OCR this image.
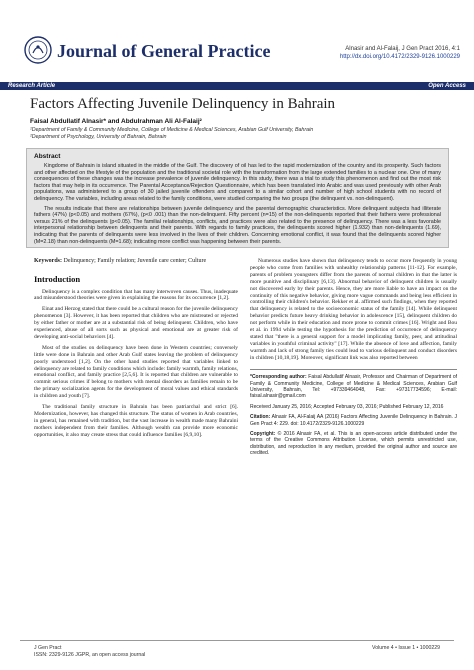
Journal of General Practice	Alnasir and Al-Falaij, J Gen Pract 2016, 4:1
http://dx.doi.org/10.4172/2329-9126.1000229
Research Article	Open Access
Factors Affecting Juvenile Delinquency in Bahrain
Faisal Abdullatif Alnasir* and Abdulrahman Ali Al-Falaij²
¹Department of Family & Community Medicine, College of Medicine & Medical Sciences, Arabian Gulf University, Bahrain
²Department of Psychology, University of Bahrain, Bahrain
Abstract

Kingdome of Bahrain is island situated in the middle of the Gulf. The discovery of oil has led to the rapid modernization of the country and its prosperity. Such factors and other affected on the lifestyle of the population and the traditional societal role with the transformation from the large extended families to a nuclear one. One of many consequences of these changes was the increase prevalence of juvenile delinquency. In this study, there was a trial to study this phenomenon and find out the most risk factors that may help in its occurrence. The Parental Acceptance/Rejection Questionnaire, which has been translated into Arabic and was used previously with other Arab populations, was administered to a group of 30 jailed juvenile offenders and compared to a similar cohort and number of high school students with no record of delinquency. The variables, including areas related to the family conditions, were studied comparing the two groups (the delinquent vs. non-delinquent).

The results indicate that there are relationships between juvenile delinquency and the parental demographic characteristics. More delinquent subjects had illiterate fathers (47%) (p<0.05) and mothers (67%), (p<0 .001) than the non-delinquent. Fifty percent (n=15) of the non-delinquents reported that their fathers were professional versus 21% of the delinquents (p<0.05). The familial relationships, conflicts, and practices were also related to the presence of delinquency. There was a less favorable interpersonal relationship between delinquents and their parents. With regards to family practices, the delinquents scored higher (1.932) than non-delinquents (1.69), indicating that the parents of delinquents were less involved in the lives of their children. Concerning emotional conflict, it was found that the delinquents scored higher (M=2.18) than non-delinquents (M=1.68); indicating more conflict was happening between their parents.

Keywords: Delinquency; Family relation; Juvenile care center; Culture
Introduction

Delinquency is a complex condition that has many interwoven causes. Thus, inadequate and misunderstood theories were given in explaining the reasons for its occurrence [1,2].

Einat and Herzog stated that there could be a cultural reason for the juvenile delinquency phenomenon [3]. However, it has been reported that children who are mistreated or rejected by either father or mother are at a substantial risk of being delinquent. Children, who have experienced, abuse of all sorts such as physical and emotional are at greater risk of developing anti-social behaviors [4].

Most of the studies on delinquency have been done in Western countries; conversely little were done in Bahrain and other Arab Gulf states leaving the problem of delinquency poorly understood [1,2]. On the other hand studies reported that variables linked to delinquency are related to family conditions which include: family warmth, family relations, emotional conflict, and family practice [2,5,6]. It is reported that children are vulnerable to commit serious crimes if belong to mothers with mental disorders as families remain to be the primary socialization agents for the development of moral values and ethical standards in children and youth [7].

The traditional family structure in Bahrain has been patriarchal and strict [6]. Modernization, however, has changed this structure. The status of women in Arab countries, in general, has remained with tradition, but the vast increase in wealth made many Bahraini mothers independent from their families. Although wealth can provide more economic opportunities, it also may create stress that could influence families [6,9,10].

Numerous studies have shown that delinquency tends to occur more frequently in young people who come from families with unhealthy relationship patterns [11-12]. For example, parents of problem youngsters differ from the parents of normal children in that the latter is more punitive and disciplinary [6,13]. Abnormal behavior of delinquent children is usually not discovered early by their parents. Hence, they are more liable to have an impact on the continuity of this negative behavior, giving more vague commands and being less efficient in controlling their children's behavior. Rekker et al. affirmed such findings, when they reported that delinquency is related to the socioeconomic status of the family [14]. While delinquent behavior predicts future heavy drinking behavior in adolescence [15], delinquent children do not perform while in their education and more prone to commit crimes [16]. Wright and Bou et al. in 1994 while testing the hypothesis for the prediction of occurrence of delinquency stated that "there is a general support for a model implicating family, peer, and attitudinal variables in youthful criminal activity" [17]. While the absence of love and affection, family warmth and lack of strong family ties could lead to various delinquent and conduct disorders in children [10,18,19]. Moreover, significant link was also reported between

*Corresponding author: Faisal Abdullatif Alnasir, Professor and Chairman of Department of Family & Community Medicine, College of Medicine & Medical Sciences, Arabian Gulf University, Bahrain, Tel: +97339464048, Fax: +97317734596; E-mail: faisal.alnasir@gmail.com

Received January 25, 2016; Accepted February 03, 2016; Published February 12, 2016

Citation: Alnasir FA, Al-Falaij AA (2016) Factors Affecting Juvenile Delinquency in Bahrain. J Gen Pract 4: 229. doi: 10.4172/2329-9126.1000229

Copyright: © 2016 Alnasir FA, et al. This is an open-access article distributed under the terms of the Creative Commons Attribution License, which permits unrestricted use, distribution, and reproduction in any medium, provided the original author and source are credited.

J Gen Pract
ISSN: 2329-9126 JGPR, an open access journal
Volume 4 • Issue 1 • 1000229
